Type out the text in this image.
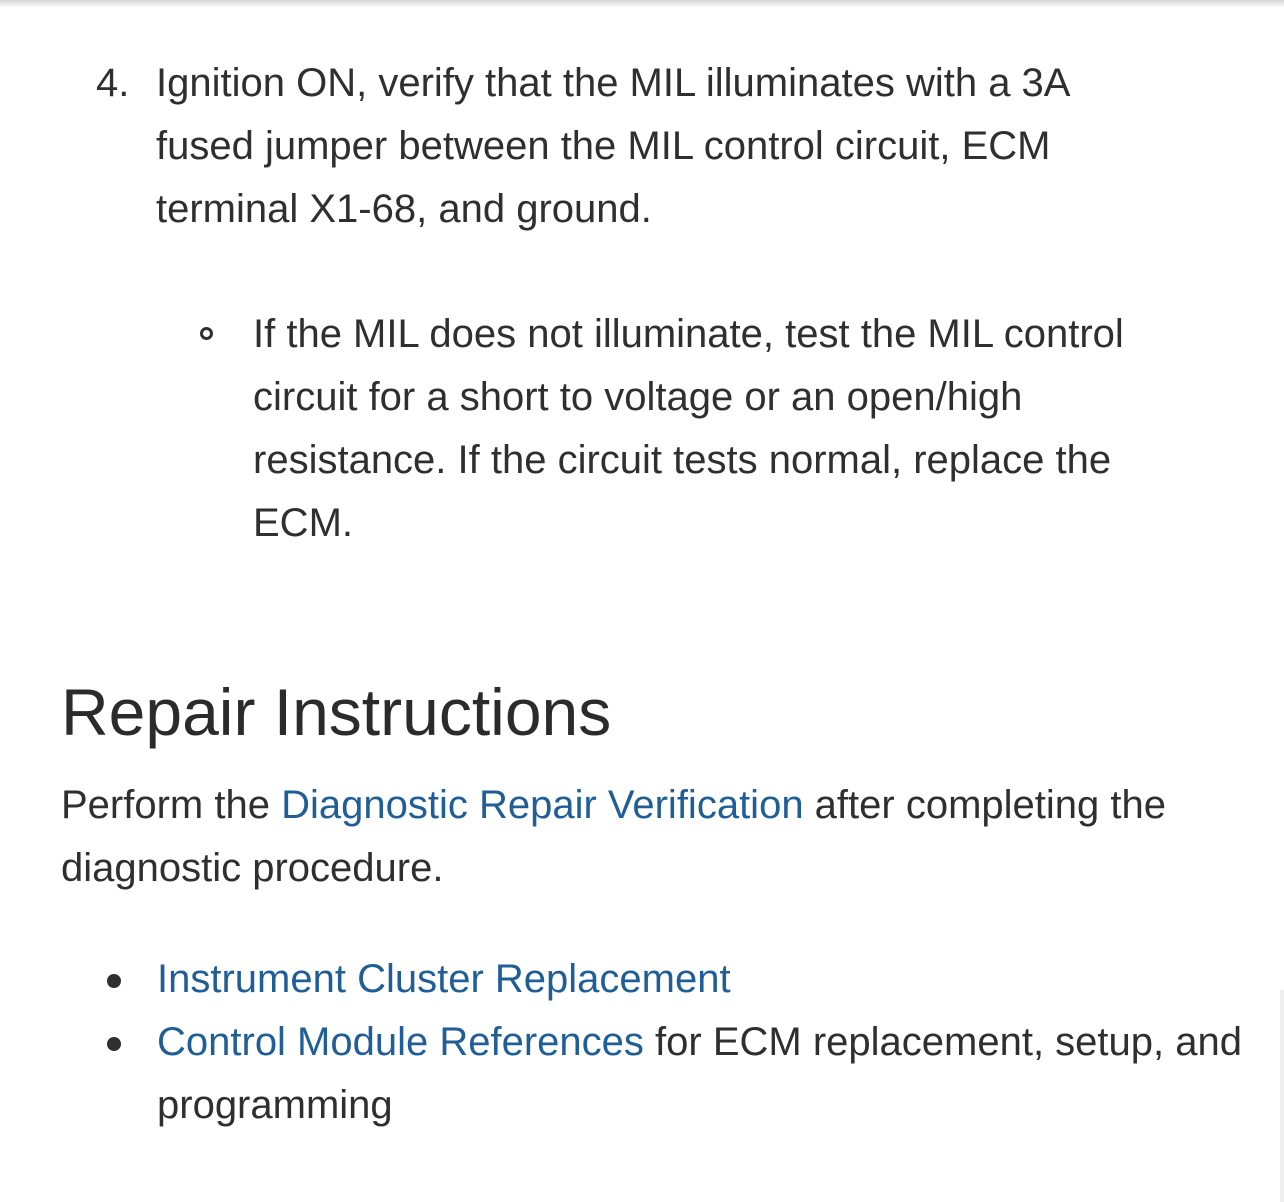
4. Ignition ON, verify that the MIL illuminates with a 3A fused jumper between the MIL control circuit, ECM terminal X1-68, and ground.
If the MIL does not illuminate, test the MIL control circuit for a short to voltage or an open/high resistance. If the circuit tests normal, replace the ECM.
Repair Instructions

Perform the Diagnostic Repair Verification after completing the diagnostic procedure.

Instrument Cluster Replacement
Control Module References for ECM replacement, setup, and programming
